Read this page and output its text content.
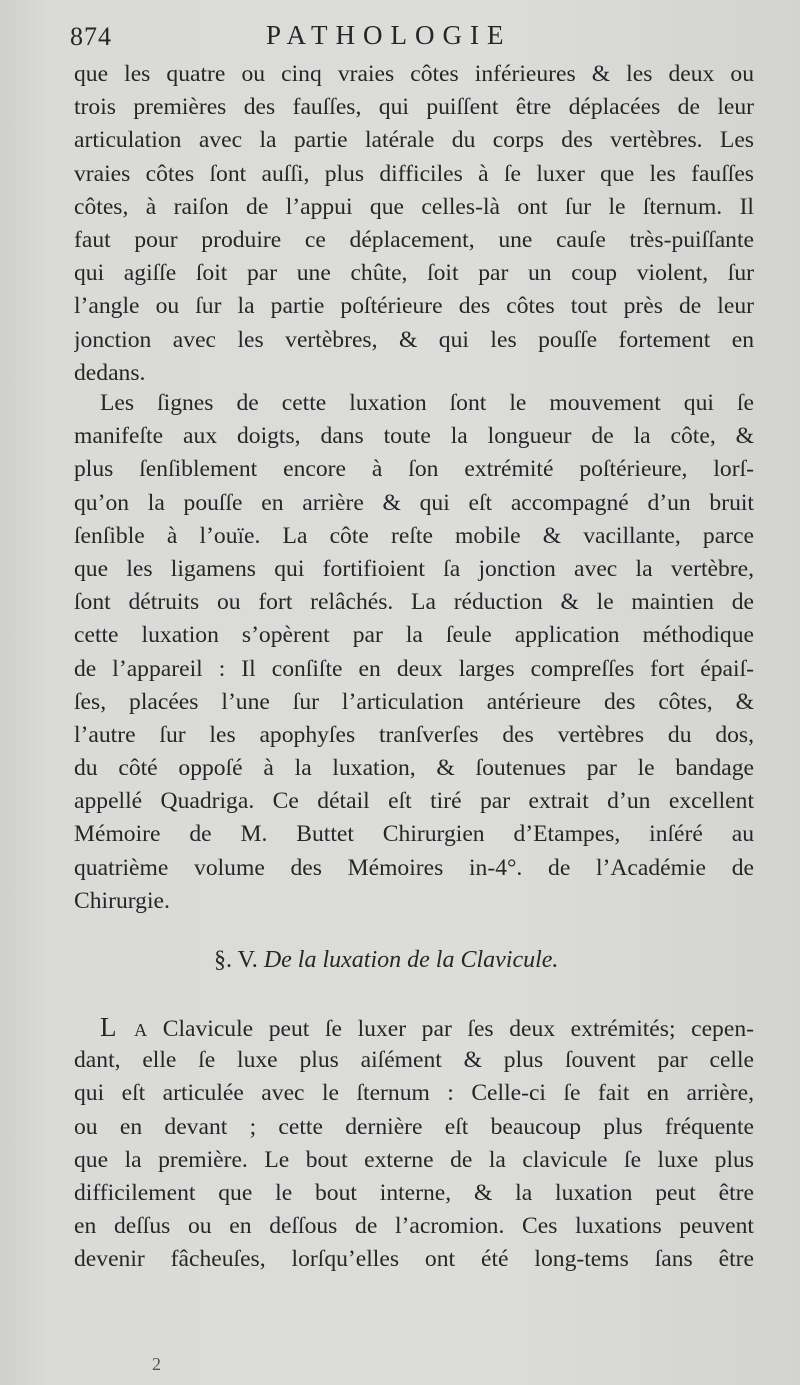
874	PATHOLOGIE
que les quatre ou cinq vraies côtes inférieures & les deux ou
trois premières des fauſſes, qui puiſſent être déplacées de leur
articulation avec la partie latérale du corps des vertèbres. Les
vraies côtes ſont auſſi, plus difficiles à ſe luxer que les fauſſes
côtes, à raiſon de l’appui que celles-là ont ſur le ſternum. Il
faut pour produire ce déplacement, une cauſe très-puiſſante
qui agiſſe ſoit par une chûte, ſoit par un coup violent, ſur
l’angle ou ſur la partie poſtérieure des côtes tout près de leur
jonction avec les vertèbres, & qui les pouſſe fortement en
dedans.
Les ſignes de cette luxation ſont le mouvement qui ſe
manifeſte aux doigts, dans toute la longueur de la côte, &
plus ſenſiblement encore à ſon extrémité poſtérieure, lorſ-
qu’on la pouſſe en arrière & qui eſt accompagné d’un bruit
ſenſible à l’ouïe. La côte reſte mobile & vacillante, parce
que les ligamens qui fortifioient ſa jonction avec la vertèbre,
ſont détruits ou fort relâchés. La réduction & le maintien de
cette luxation s’opèrent par la ſeule application méthodique
de l’appareil : Il conſiſte en deux larges compreſſes fort épaiſ-
ſes, placées l’une ſur l’articulation antérieure des côtes, &
l’autre ſur les apophyſes tranſverſes des vertèbres du dos,
du côté oppoſé à la luxation, & ſoutenues par le bandage
appellé Quadriga. Ce détail eſt tiré par extrait d’un excellent
Mémoire de M. Buttet Chirurgien d’Etampes, inſéré au
quatrième volume des Mémoires in-4°. de l’Académie de
Chirurgie.
§. V. De la luxation de la Clavicule.
L A Clavicule peut ſe luxer par ſes deux extrémités; cepen-
dant, elle ſe luxe plus aiſément & plus ſouvent par celle
qui eſt articulée avec le ſternum : Celle-ci ſe fait en arrière,
ou en devant ; cette dernière eſt beaucoup plus fréquente
que la première. Le bout externe de la clavicule ſe luxe plus
difficilement que le bout interne, & la luxation peut être
en deſſus ou en deſſous de l’acromion. Ces luxations peuvent
devenir fâcheuſes, lorſqu’elles ont été long-tems ſans être
2
